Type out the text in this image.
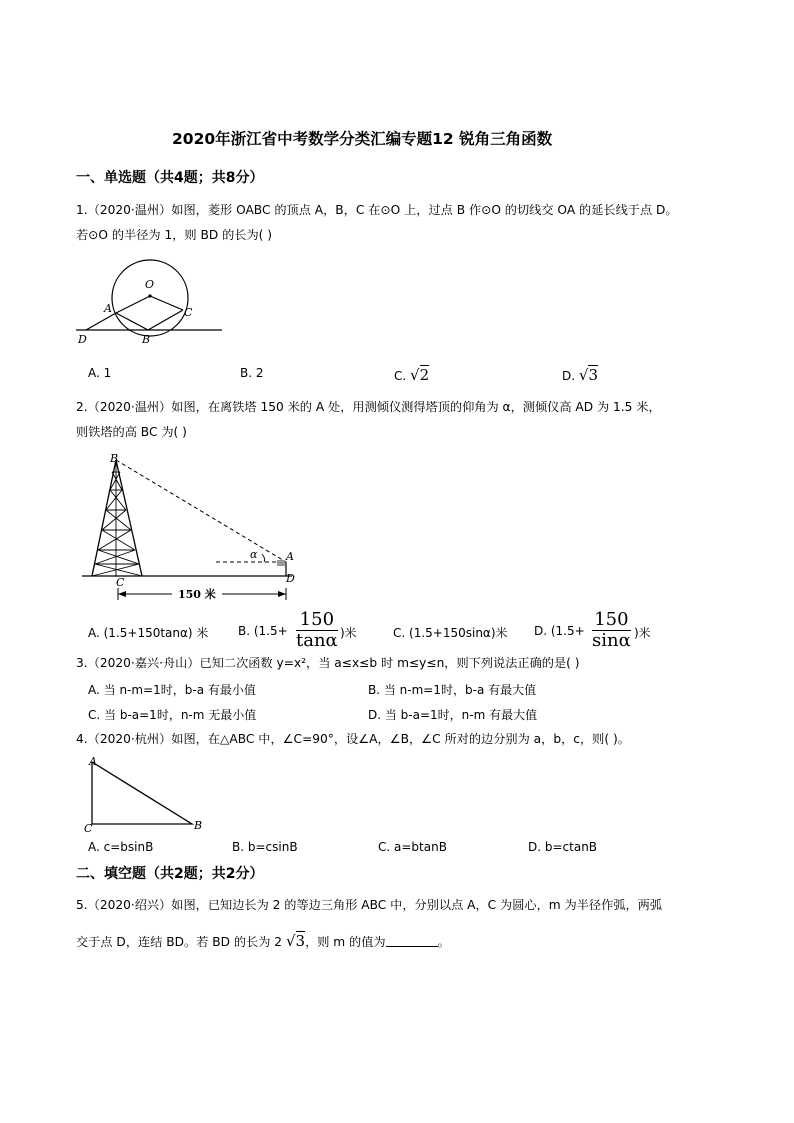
2020年浙江省中考数学分类汇编专题12 锐角三角函数
一、单选题（共4题；共8分）
1.（2020·温州）如图，菱形 OABC 的顶点 A，B，C 在⊙O 上，过点 B 作⊙O 的切线交 OA 的延长线于点 D。
若⊙O 的半径为 1，则 BD 的长为( )
O
A	C
B
D
A. 1	B. 2	C. √2	D. √3
2.（2020·温州）如图，在离铁塔 150 米的 A 处，用测倾仪测得塔顶的仰角为 α，测倾仪高 AD 为 1.5 米，
则铁塔的高 BC 为( )
B
C
A
D
α
150 米
A. (1.5+150tanα) 米 B. ($1.5+ \frac{150}{\tan\alpha}$ )米	C. (1.5+150sinα)米 D. ($1.5+ \frac{150}{\sin\alpha}$ )米
3.（2020·嘉兴·舟山）已知二次函数 y=x²，当 a≤x≤b 时 m≤y≤n，则下列说法正确的是( )
A. 当 n-m=1时，b-a 有最小值	B. 当 n-m=1时，b-a 有最大值
C. 当 b-a=1时，n-m 无最小值	D. 当 b-a=1时，n-m 有最大值
4.（2020·杭州）如图，在△ABC 中，∠C=90°，设∠A，∠B，∠C 所对的边分别为 a，b，c，则( )。
A
C	B
A. c=bsinB	B. b=csinB	C. a=btanB	D. b=ctanB
二、填空题（共2题；共2分）
5.（2020·绍兴）如图，已知边长为 2 的等边三角形 ABC 中，分别以点 A，C 为圆心，m 为半径作弧，两弧
交于点 D，连结 BD。若 BD 的长为 2 √3，则 m 的值为	。
